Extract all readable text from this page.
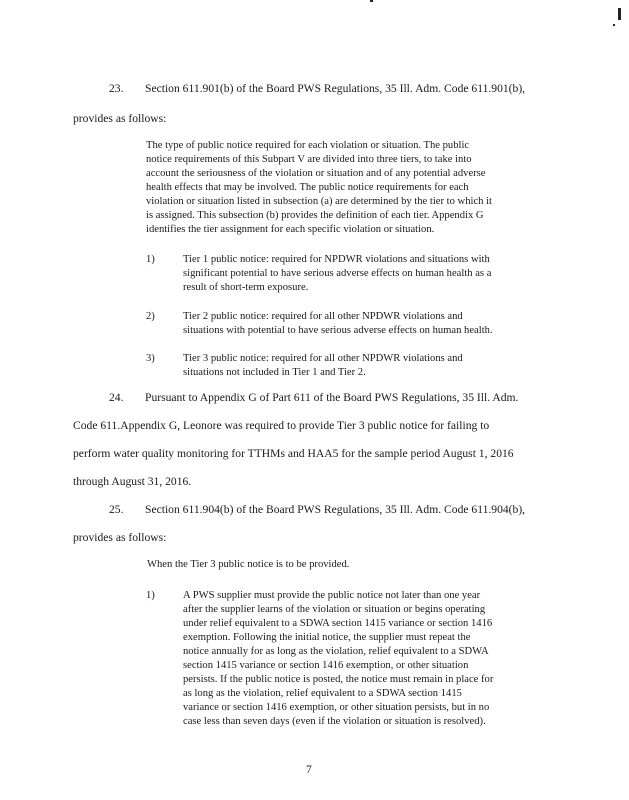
23. Section 611.901(b) of the Board PWS Regulations, 35 Ill. Adm. Code 611.901(b),
provides as follows:
The type of public notice required for each violation or situation. The public
notice requirements of this Subpart V are divided into three tiers, to take into
account the seriousness of the violation or situation and of any potential adverse
health effects that may be involved. The public notice requirements for each
violation or situation listed in subsection (a) are determined by the tier to which it
is assigned. This subsection (b) provides the definition of each tier. Appendix G
identifies the tier assignment for each specific violation or situation.
1)	Tier 1 public notice: required for NPDWR violations and situations with
significant potential to have serious adverse effects on human health as a
result of short-term exposure.
2)	Tier 2 public notice: required for all other NPDWR violations and
situations with potential to have serious adverse effects on human health.
3)	Tier 3 public notice: required for all other NPDWR violations and
situations not included in Tier 1 and Tier 2.
24. Pursuant to Appendix G of Part 611 of the Board PWS Regulations, 35 Ill. Adm.
Code 611.Appendix G, Leonore was required to provide Tier 3 public notice for failing to
perform water quality monitoring for TTHMs and HAA5 for the sample period August 1, 2016
through August 31, 2016.
25. Section 611.904(b) of the Board PWS Regulations, 35 Ill. Adm. Code 611.904(b),
provides as follows:
When the Tier 3 public notice is to be provided.
1)	A PWS supplier must provide the public notice not later than one year
after the supplier learns of the violation or situation or begins operating
under relief equivalent to a SDWA section 1415 variance or section 1416
exemption. Following the initial notice, the supplier must repeat the
notice annually for as long as the violation, relief equivalent to a SDWA
section 1415 variance or section 1416 exemption, or other situation
persists. If the public notice is posted, the notice must remain in place for
as long as the violation, relief equivalent to a SDWA section 1415
variance or section 1416 exemption, or other situation persists, but in no
case less than seven days (even if the violation or situation is resolved).
7
